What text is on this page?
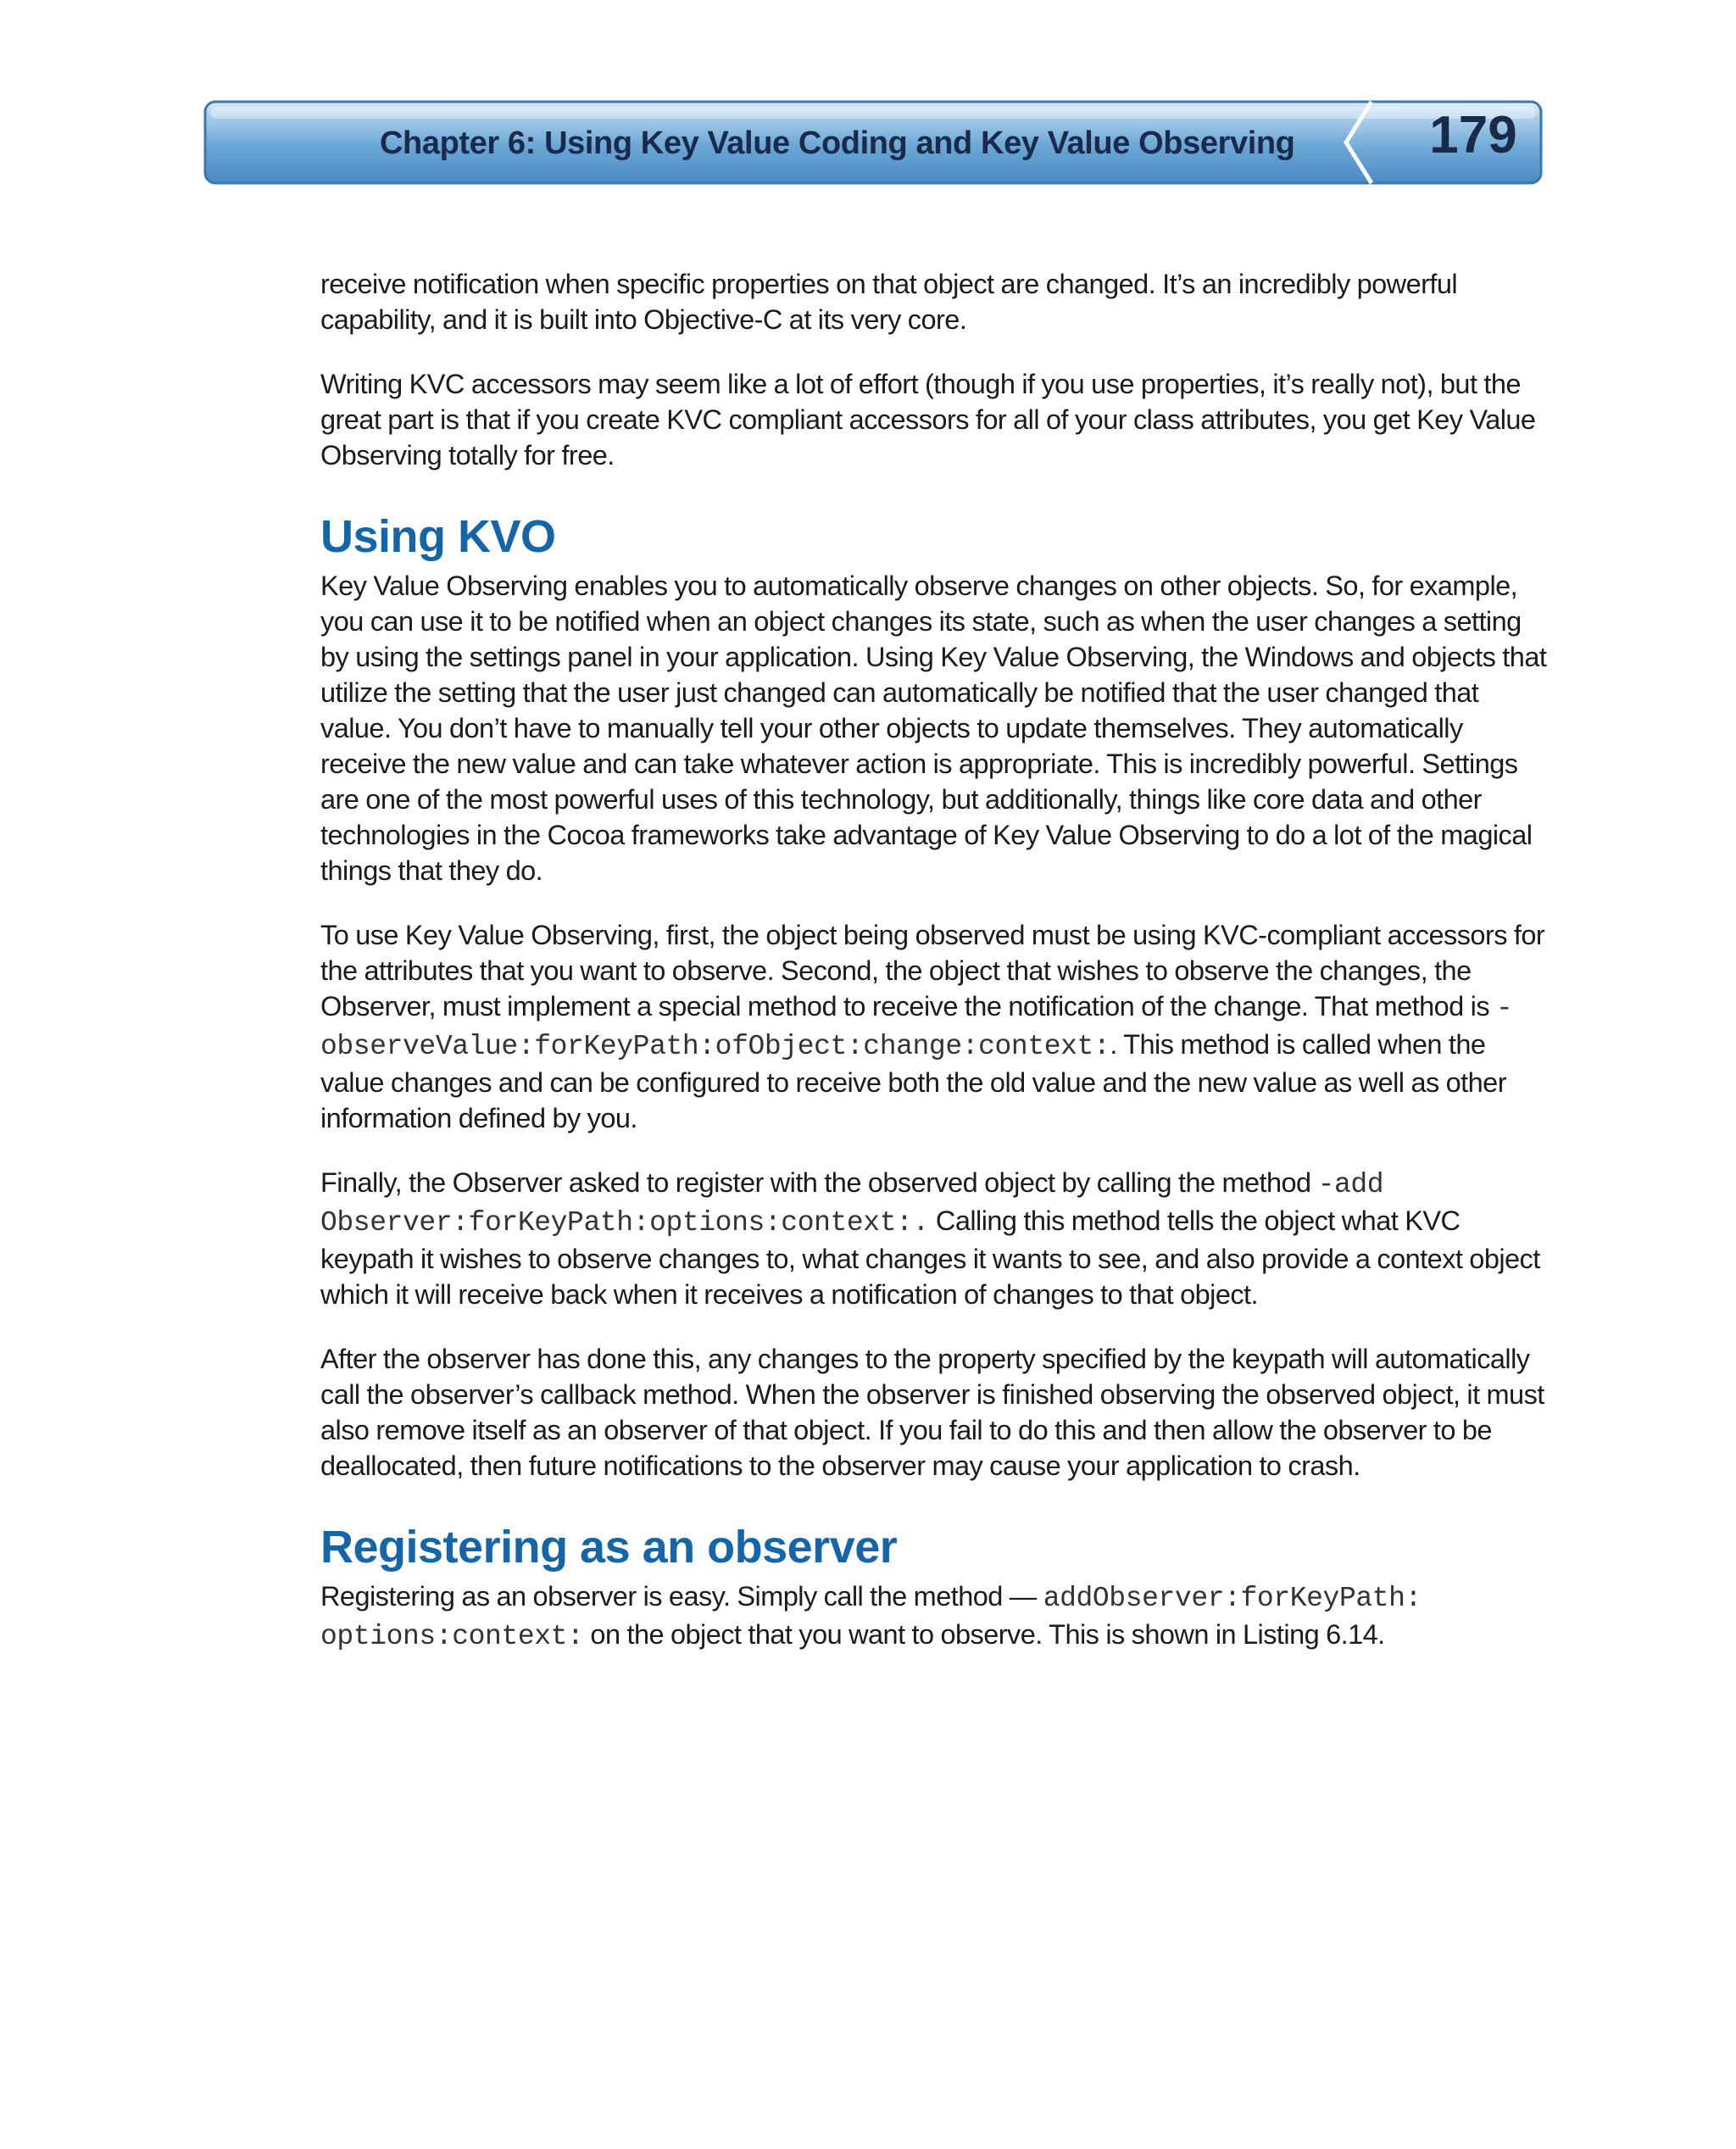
Chapter 6: Using Key Value Coding and Key Value Observing	179

receive notification when specific properties on that object are changed. It’s an incredibly powerful capability, and it is built into Objective-C at its very core.

Writing KVC accessors may seem like a lot of effort (though if you use properties, it’s really not), but the great part is that if you create KVC compliant accessors for all of your class attributes, you get Key Value Observing totally for free.

Using KVO

Key Value Observing enables you to automatically observe changes on other objects. So, for example, you can use it to be notified when an object changes its state, such as when the user changes a setting by using the settings panel in your application. Using Key Value Observing, the Windows and objects that utilize the setting that the user just changed can automatically be notified that the user changed that value. You don’t have to manually tell your other objects to update themselves. They automatically receive the new value and can take whatever action is appropriate. This is incredibly powerful. Settings are one of the most powerful uses of this technology, but additionally, things like core data and other technologies in the Cocoa frameworks take advantage of Key Value Observing to do a lot of the magical things that they do.

To use Key Value Observing, first, the object being observed must be using KVC-compliant accessors for the attributes that you want to observe. Second, the object that wishes to observe the changes, the Observer, must implement a special method to receive the notification of the change. That method is -observeValue:forKeyPath:ofObject:change:context:. This method is called when the value changes and can be configured to receive both the old value and the new value as well as other information defined by you.

Finally, the Observer asked to register with the observed object by calling the method -add Observer:forKeyPath:options:context:. Calling this method tells the object what KVC keypath it wishes to observe changes to, what changes it wants to see, and also provide a context object which it will receive back when it receives a notification of changes to that object.

After the observer has done this, any changes to the property specified by the keypath will automatically call the observer’s callback method. When the observer is finished observing the observed object, it must also remove itself as an observer of that object. If you fail to do this and then allow the observer to be deallocated, then future notifications to the observer may cause your application to crash.

Registering as an observer

Registering as an observer is easy. Simply call the method — addObserver:forKeyPath: options:context: on the object that you want to observe. This is shown in Listing 6.14.
